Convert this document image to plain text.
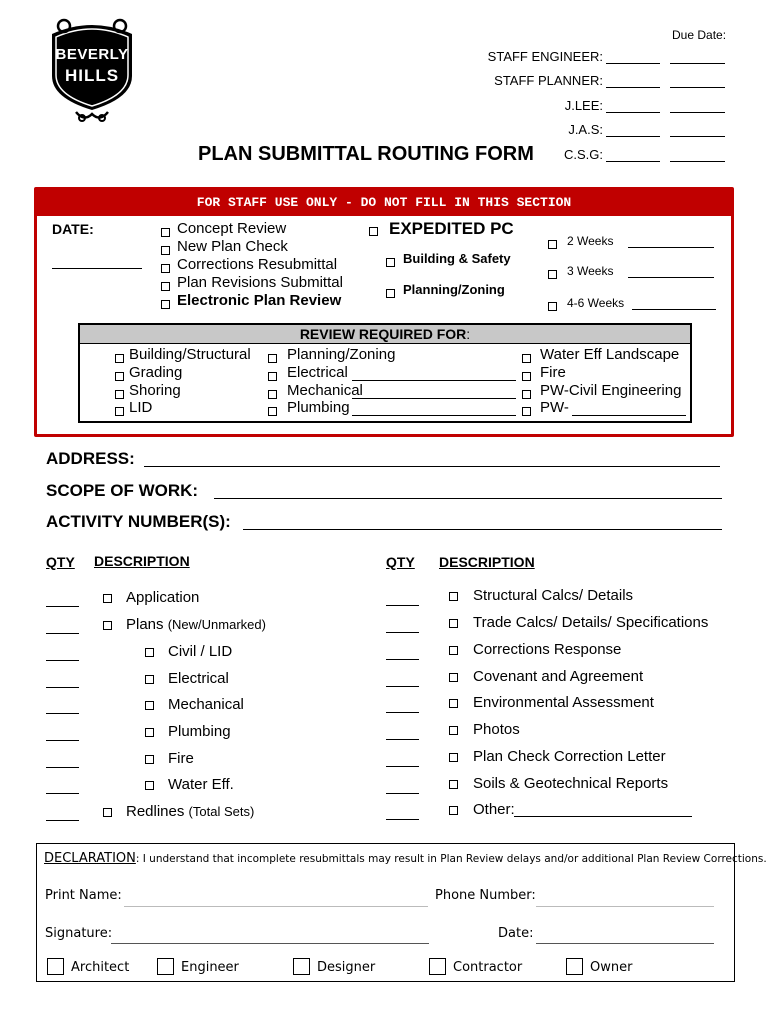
BEVERLY
HILLS
Due Date:
STAFF ENGINEER:
STAFF PLANNER:
J.LEE:
J.A.S:
C.S.G:
PLAN SUBMITTAL ROUTING FORM
FOR STAFF USE ONLY - DO NOT FILL IN THIS SECTION
DATE:	Concept Review
New Plan Check
Corrections Resubmittal
Plan Revisions Submittal
Electronic Plan Review
EXPEDITED PC
Building & Safety
Planning/Zoning
2 Weeks
3 Weeks
4-6 Weeks
REVIEW REQUIRED FOR:
Building/Structural
Grading
Shoring
LID
Planning/Zoning
Electrical
Mechanical
Plumbing
Water Eff Landscape
Fire
PW-Civil Engineering
PW-
ADDRESS:
SCOPE OF WORK:
ACTIVITY NUMBER(S):
QTY DESCRIPTION	QTY DESCRIPTION
Application
Plans (New/Unmarked)
Civil / LID
Electrical
Mechanical
Plumbing
Fire
Water Eff.
Redlines (Total Sets)
Structural Calcs/ Details
Trade Calcs/ Details/ Specifications
Corrections Response
Covenant and Agreement
Environmental Assessment
Photos
Plan Check Correction Letter
Soils & Geotechnical Reports
Other:
DECLARATION: I understand that incomplete resubmittals may result in Plan Review delays and/or additional Plan Review Corrections.
Print Name:	Phone Number:
Signature:	Date:
Architect	Engineer	Designer	Contractor	Owner
